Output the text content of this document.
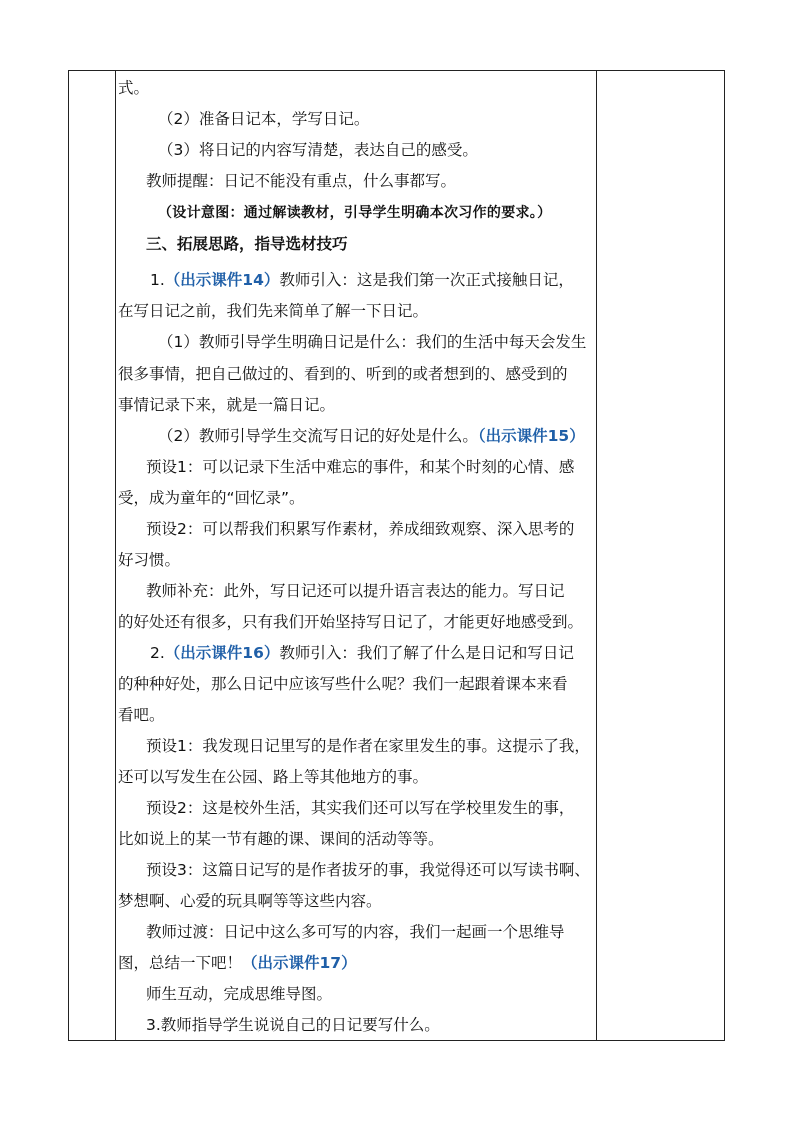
式。
（2）准备日记本，学写日记。
（3）将日记的内容写清楚，表达自己的感受。
教师提醒：日记不能没有重点，什么事都写。
（设计意图：通过解读教材，引导学生明确本次习作的要求。）
三、拓展思路，指导选材技巧
1.（出示课件14）教师引入：这是我们第一次正式接触日记，
在写日记之前，我们先来简单了解一下日记。
（1）教师引导学生明确日记是什么：我们的生活中每天会发生
很多事情，把自己做过的、看到的、听到的或者想到的、感受到的
事情记录下来，就是一篇日记。
（2）教师引导学生交流写日记的好处是什么。（出示课件15）
预设1：可以记录下生活中难忘的事件，和某个时刻的心情、感
受，成为童年的“回忆录”。
预设2：可以帮我们积累写作素材，养成细致观察、深入思考的
好习惯。
教师补充：此外，写日记还可以提升语言表达的能力。写日记
的好处还有很多，只有我们开始坚持写日记了，才能更好地感受到。
2.（出示课件16）教师引入：我们了解了什么是日记和写日记
的种种好处，那么日记中应该写些什么呢？我们一起跟着课本来看
看吧。
预设1：我发现日记里写的是作者在家里发生的事。这提示了我，
还可以写发生在公园、路上等其他地方的事。
预设2：这是校外生活，其实我们还可以写在学校里发生的事，
比如说上的某一节有趣的课、课间的活动等等。
预设3：这篇日记写的是作者拔牙的事，我觉得还可以写读书啊、
梦想啊、心爱的玩具啊等等这些内容。
教师过渡：日记中这么多可写的内容，我们一起画一个思维导
图，总结一下吧！（出示课件17）
师生互动，完成思维导图。
3.教师指导学生说说自己的日记要写什么。
